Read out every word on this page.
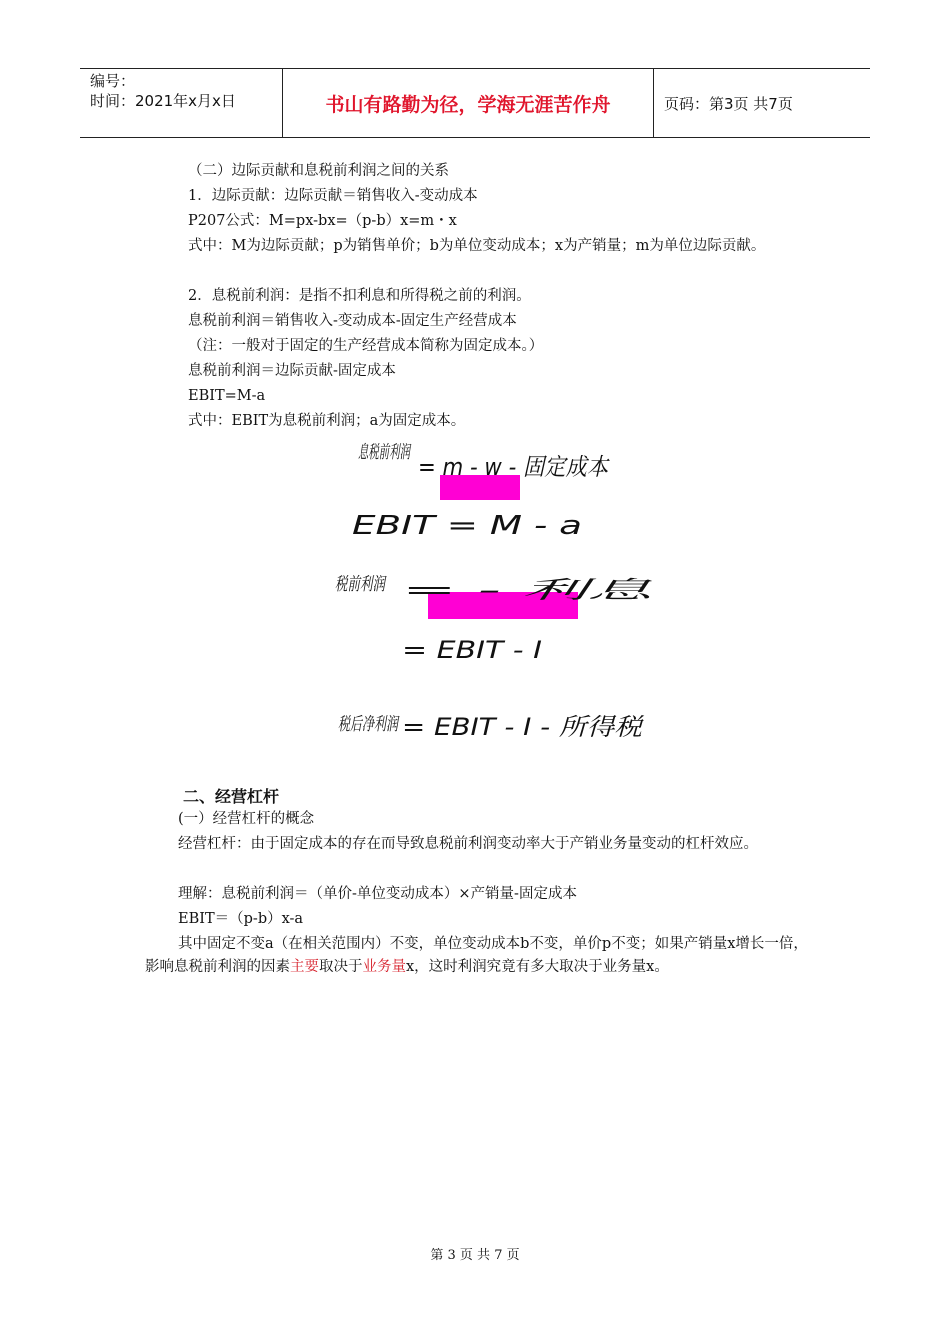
编号：
时间：2021年x月x日	书山有路勤为径，学海无涯苦作舟	页码：第3页 共7页
（二）边际贡献和息税前利润之间的关系
1．边际贡献：边际贡献＝销售收入-变动成本
P207公式：M=px-bx=（p-b）x=m・x
式中：M为边际贡献；p为销售单价；b为单位变动成本；x为产销量；m为单位边际贡献。
2．息税前利润：是指不扣利息和所得税之前的利润。
息税前利润＝销售收入-变动成本-固定生产经营成本
（注：一般对于固定的生产经营成本简称为固定成本。）
息税前利润＝边际贡献-固定成本
EBIT=M-a
式中：EBIT为息税前利润；a为固定成本。
息税前利润
= m - w - 固定成本
EBIT = M - a
税前利润 = - 利息
= EBIT - I
税后净利润 = EBIT - I - 所得税
二、经营杠杆
(一）经营杠杆的概念
经营杠杆：由于固定成本的存在而导致息税前利润变动率大于产销业务量变动的杠杆效应。
理解：息税前利润＝（单价-单位变动成本）×产销量-固定成本
EBIT＝（p-b）x-a
其中固定不变a（在相关范围内）不变，单位变动成本b不变，单价p不变；如果产销量x增长一倍，影响息税前利润的因素主要取决于业务量x，这时利润究竟有多大取决于业务量x。
第 3 页 共 7 页
